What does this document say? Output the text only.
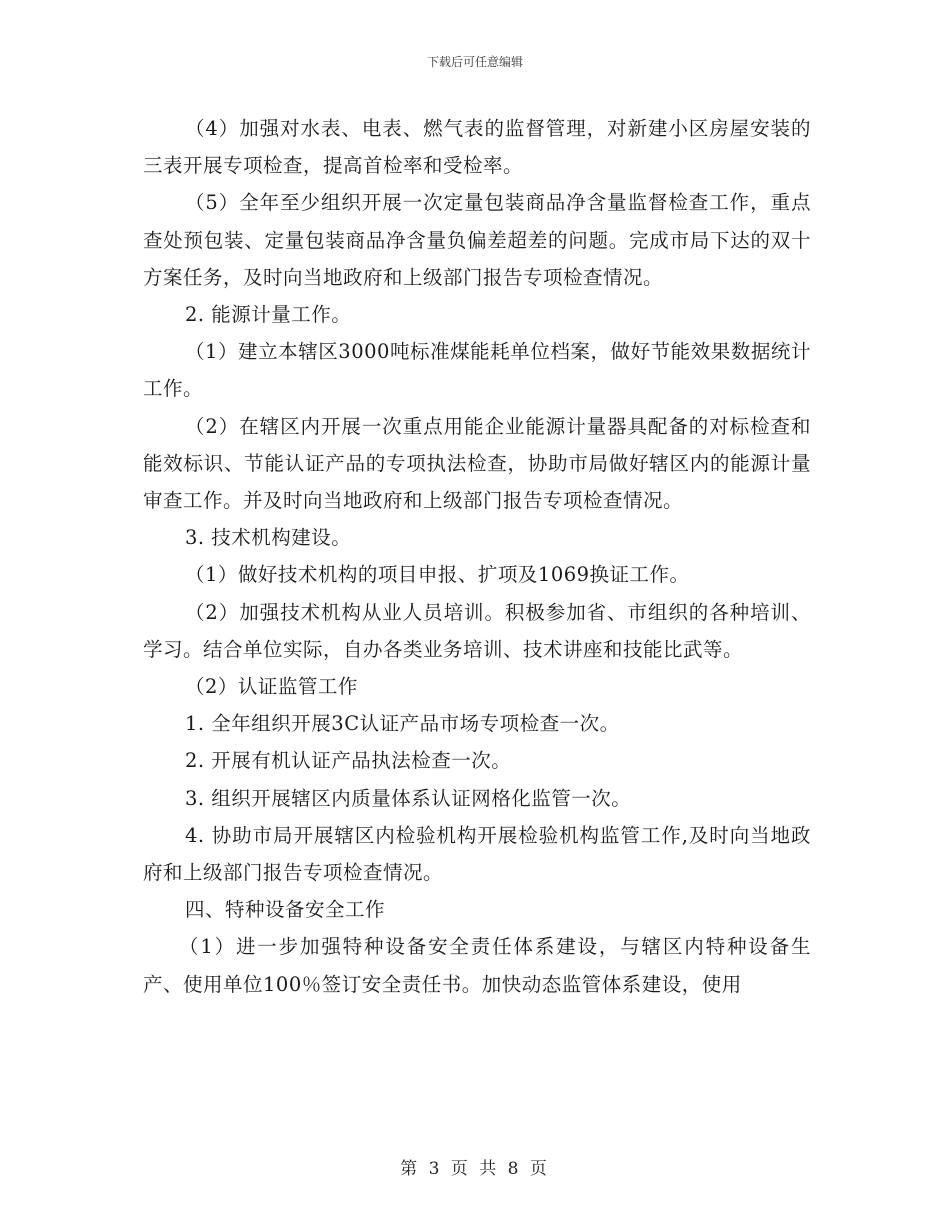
下载后可任意编辑

（4）加强对水表、电表、燃气表的监督管理，对新建小区房屋安装的三表开展专项检查，提高首检率和受检率。

（5）全年至少组织开展一次定量包装商品净含量监督检查工作，重点查处预包装、定量包装商品净含量负偏差超差的问题。完成市局下达的双十方案任务，及时向当地政府和上级部门报告专项检查情况。

2. 能源计量工作。

（1）建立本辖区3000吨标准煤能耗单位档案，做好节能效果数据统计工作。

（2）在辖区内开展一次重点用能企业能源计量器具配备的对标检查和能效标识、节能认证产品的专项执法检查，协助市局做好辖区内的能源计量审查工作。并及时向当地政府和上级部门报告专项检查情况。

3. 技术机构建设。

（1）做好技术机构的项目申报、扩项及1069换证工作。

（2）加强技术机构从业人员培训。积极参加省、市组织的各种培训、学习。结合单位实际，自办各类业务培训、技术讲座和技能比武等。

（2）认证监管工作

1. 全年组织开展3C认证产品市场专项检查一次。

2. 开展有机认证产品执法检查一次。

3. 组织开展辖区内质量体系认证网格化监管一次。

4. 协助市局开展辖区内检验机构开展检验机构监管工作,及时向当地政府和上级部门报告专项检查情况。

四、特种设备安全工作

（1）进一步加强特种设备安全责任体系建设，与辖区内特种设备生产、使用单位100％签订安全责任书。加快动态监管体系建设，使用

第 3 页 共 8 页
